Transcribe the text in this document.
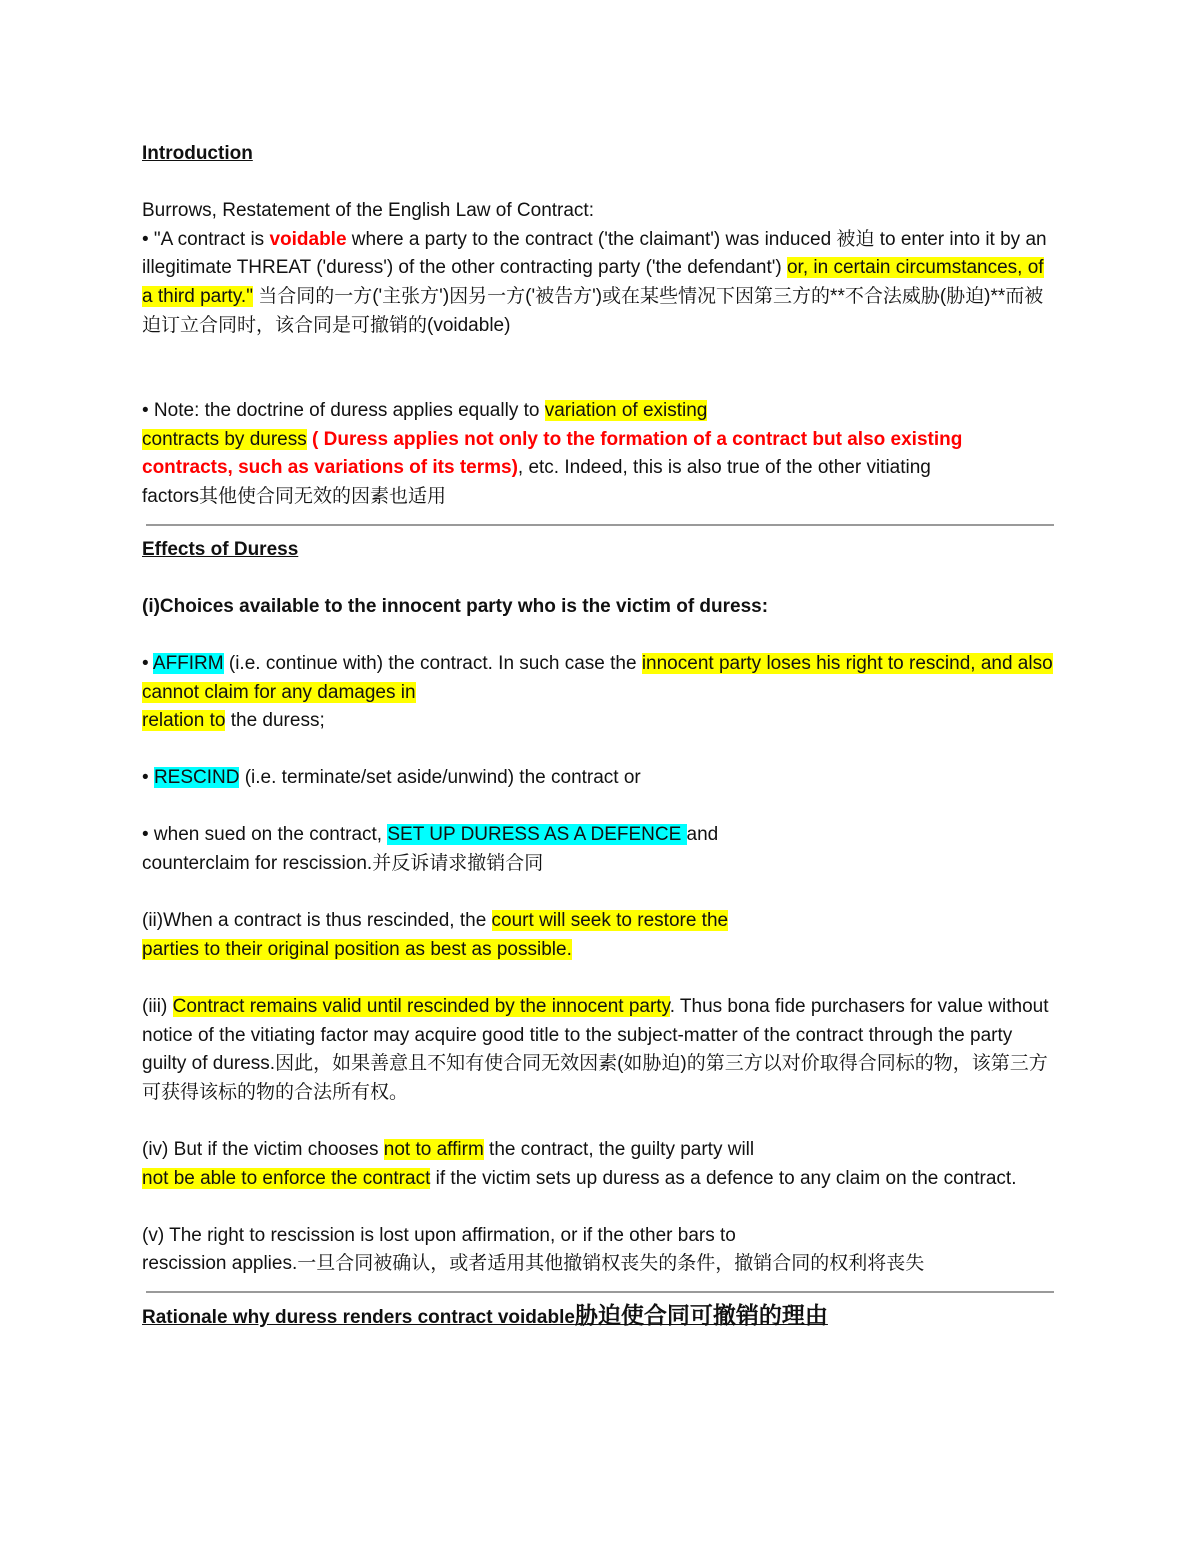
Introduction

Burrows, Restatement of the English Law of Contract:

• "A contract is voidable where a party to the contract ('the claimant') was induced 被迫 to enter into it by an illegitimate THREAT ('duress') of the other contracting party ('the defendant') or, in certain circumstances, of a third party." 当合同的一方('主张方')因另一方('被告方')或在某些情况下因第三方的**不合法威胁(胁迫)**而被迫订立合同时，该合同是可撤销的(voidable)

• Note: the doctrine of duress applies equally to variation of existing

contracts by duress ( Duress applies not only to the formation of a contract but also existing contracts, such as variations of its terms), etc. Indeed, this is also true of the other vitiating

factors其他使合同无效的因素也适用

Effects of Duress

(i)Choices available to the innocent party who is the victim of duress:

• AFFIRM (i.e. continue with) the contract. In such case the innocent party loses his right to rescind, and also cannot claim for any damages in

relation to the duress;

• RESCIND (i.e. terminate/set aside/unwind) the contract or

• when sued on the contract, SET UP DURESS AS A DEFENCE and

counterclaim for rescission.并反诉请求撤销合同

(ii)When a contract is thus rescinded, the court will seek to restore the

parties to their original position as best as possible.

(iii) Contract remains valid until rescinded by the innocent party. Thus bona fide purchasers for value without notice of the vitiating factor may acquire good title to the subject-matter of the contract through the party guilty of duress.因此，如果善意且不知有使合同无效因素(如胁迫)的第三方以对价取得合同标的物，该第三方可获得该标的物的合法所有权。

(iv) But if the victim chooses not to affirm the contract, the guilty party will

not be able to enforce the contract if the victim sets up duress as a defence to any claim on the contract.

(v) The right to rescission is lost upon affirmation, or if the other bars to

rescission applies.一旦合同被确认，或者适用其他撤销权丧失的条件，撤销合同的权利将丧失

Rationale why duress renders contract voidable胁迫使合同可撤销的理由
